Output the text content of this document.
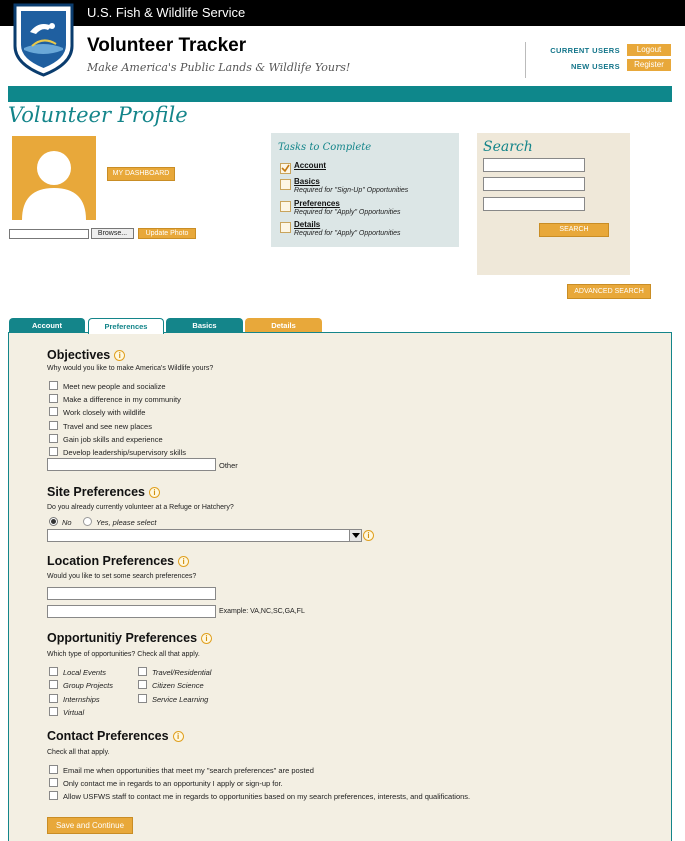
U.S. Fish & Wildlife Service
Volunteer Tracker
Make America's Public Lands & Wildlife Yours!
CURRENT USERS
NEW USERS
Logout
Register
Volunteer Profile
MY DASHBOARD
Browse...	Update Photo
Tasks to Complete
Account
Basics
Required for "Sign-Up" Opportunities
Preferences
Required for "Apply" Opportunities
Details
Required for "Apply" Opportunities
Search
SEARCH
ADVANCED SEARCH
Account	Preferences	Basics	Details
Objectives i
Why would you like to make America's Wildlife yours?
Meet new people and socialize
Make a difference in my community
Work closely with wildlife
Travel and see new places
Gain job skills and experience
Develop leadership/supervisory skills
Other
Site Preferences i
Do you already currently volunteer at a Refuge or Hatchery?
No	Yes, please select
i
Location Preferences i
Would you like to set some search preferences?
Example: VA,NC,SC,GA,FL
Opportunitiy Preferences i
Which type of opportunities? Check all that apply.
Local Events
Group Projects
Internships
Virtual
Travel/Residential
Citizen Science
Service Learning
Contact Preferences i
Check all that apply.
Email me when opportunities that meet my "search preferences" are posted
Only contact me in regards to an opportunity I apply or sign-up for.
Allow USFWS staff to contact me in regards to opportunities based on my search preferences, interests, and qualifications.
Save and Continue
